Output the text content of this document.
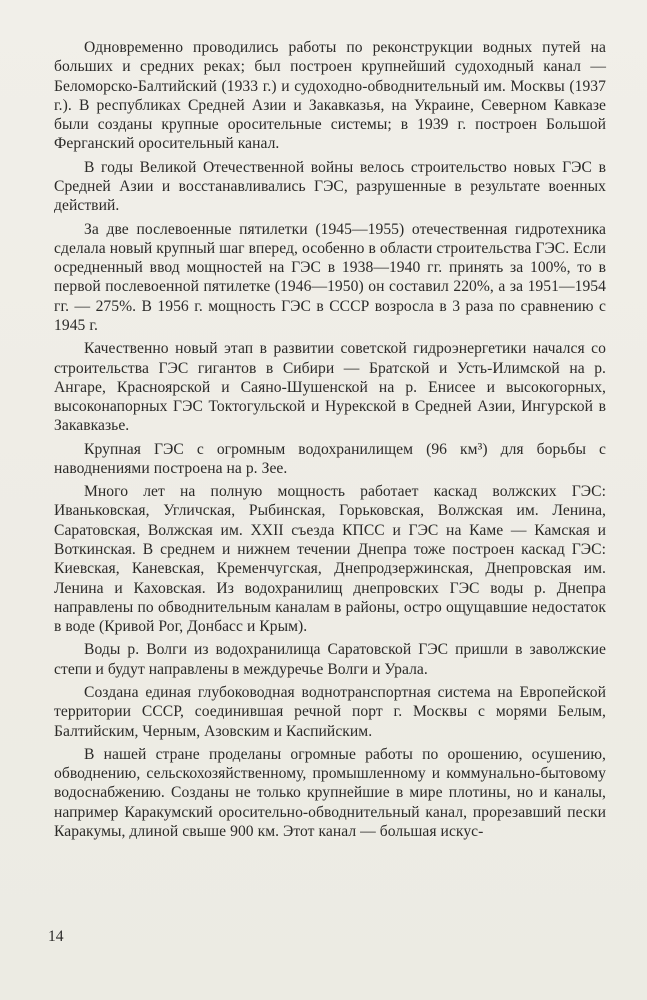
Одновременно проводились работы по реконструкции водных путей на больших и средних реках; был построен крупнейший судоходный канал — Беломорско-Балтийский (1933 г.) и судоходно-обводнительный им. Москвы (1937 г.). В республиках Средней Азии и Закавказья, на Украине, Северном Кавказе были созданы крупные оросительные системы; в 1939 г. построен Большой Ферганский оросительный канал.

В годы Великой Отечественной войны велось строительство новых ГЭС в Средней Азии и восстанавливались ГЭС, разрушенные в результате военных действий.

За две послевоенные пятилетки (1945—1955) отечественная гидротехника сделала новый крупный шаг вперед, особенно в области строительства ГЭС. Если осредненный ввод мощностей на ГЭС в 1938—1940 гг. принять за 100%, то в первой послевоенной пятилетке (1946—1950) он составил 220%, а за 1951—1954 гг. — 275%. В 1956 г. мощность ГЭС в СССР возросла в 3 раза по сравнению с 1945 г.

Качественно новый этап в развитии советской гидроэнергетики начался со строительства ГЭС гигантов в Сибири — Братской и Усть-Илимской на р. Ангаре, Красноярской и Саяно-Шушенской на р. Енисее и высокогорных, высоконапорных ГЭС Токтогульской и Нурекской в Средней Азии, Ингурской в Закавказье.

Крупная ГЭС с огромным водохранилищем (96 км³) для борьбы с наводнениями построена на р. Зее.

Много лет на полную мощность работает каскад волжских ГЭС: Иваньковская, Угличская, Рыбинская, Горьковская, Волжская им. Ленина, Саратовская, Волжская им. XXII съезда КПСС и ГЭС на Каме — Камская и Воткинская. В среднем и нижнем течении Днепра тоже построен каскад ГЭС: Киевская, Каневская, Кременчугская, Днепродзержинская, Днепровская им. Ленина и Каховская. Из водохранилищ днепровских ГЭС воды р. Днепра направлены по обводнительным каналам в районы, остро ощущавшие недостаток в воде (Кривой Рог, Донбасс и Крым).

Воды р. Волги из водохранилища Саратовской ГЭС пришли в заволжские степи и будут направлены в междуречье Волги и Урала.

Создана единая глубоководная воднотранспортная система на Европейской территории СССР, соединившая речной порт г. Москвы с морями Белым, Балтийским, Черным, Азовским и Каспийским.

В нашей стране проделаны огромные работы по орошению, осушению, обводнению, сельскохозяйственному, промышленному и коммунально-бытовому водоснабжению. Созданы не только крупнейшие в мире плотины, но и каналы, например Каракумский оросительно-обводнительный канал, прорезавший пески Каракумы, длиной свыше 900 км. Этот канал — большая искус-

14
